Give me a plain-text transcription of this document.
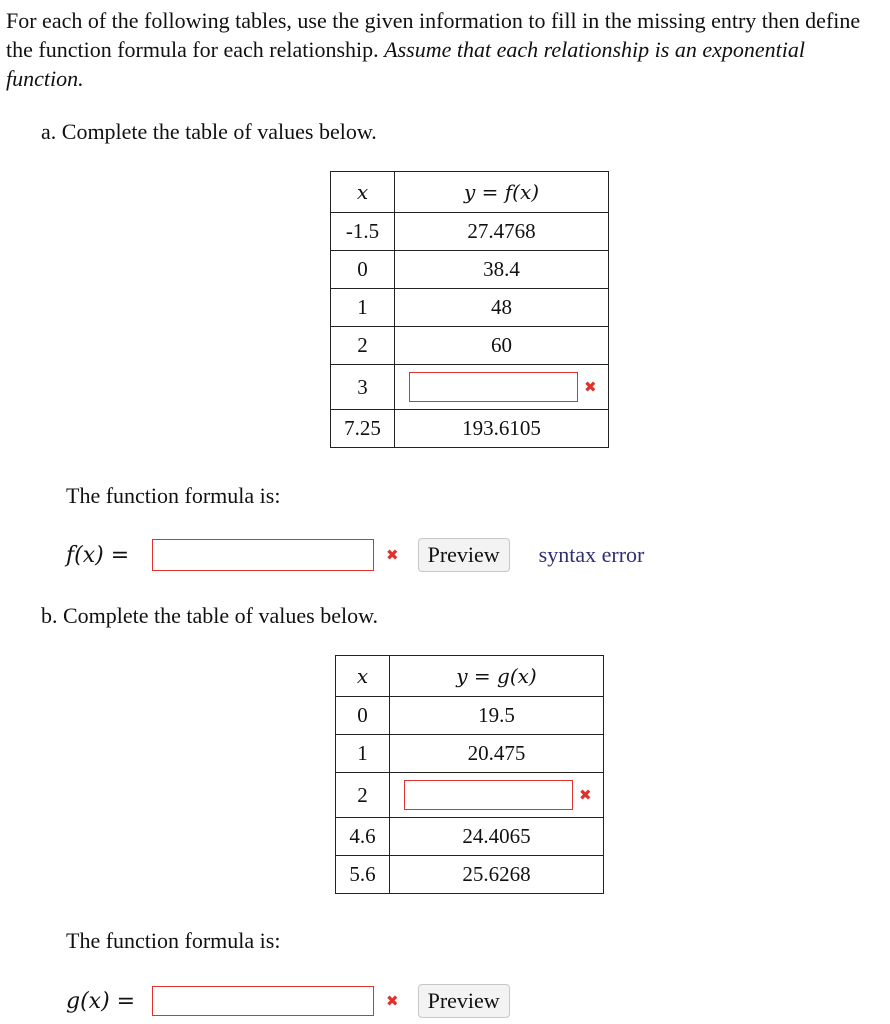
For each of the following tables, use the given information to fill in the missing entry then define the function formula for each relationship. Assume that each relationship is an exponential function.
a. Complete the table of values below.
x	y = f(x)
-1.5	27.4768
0	38.4
1	48
2	60
3	✖
7.25	193.6105
The function formula is:
f(x) =	✖	Preview	syntax error
b. Complete the table of values below.
x	y = g(x)
0	19.5
1	20.475
2	✖
4.6	24.4065
5.6	25.6268
The function formula is:
g(x) =	✖	Preview
